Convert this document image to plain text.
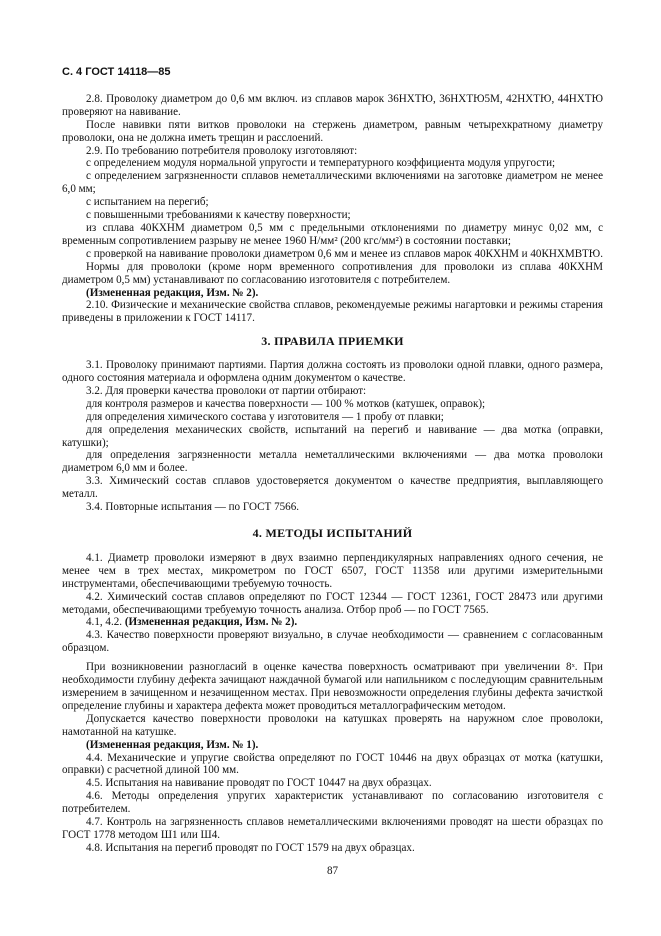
С. 4 ГОСТ 14118—85

2.8. Проволоку диаметром до 0,6 мм включ. из сплавов марок 36НХТЮ, 36НХТЮ5М, 42НХТЮ, 44НХТЮ проверяют на навивание.

После навивки пяти витков проволоки на стержень диаметром, равным четырехкратному диаметру проволоки, она не должна иметь трещин и расслоений.

2.9. По требованию потребителя проволоку изготовляют:

с определением модуля нормальной упругости и температурного коэффициента модуля упругости;

с определением загрязненности сплавов неметаллическими включениями на заготовке диаметром не менее 6,0 мм;

с испытанием на перегиб;

с повышенными требованиями к качеству поверхности;

из сплава 40КХНМ диаметром 0,5 мм с предельными отклонениями по диаметру минус 0,02 мм, с временным сопротивлением разрыву не менее 1960 Н/мм² (200 кгс/мм²) в состоянии поставки;

с проверкой на навивание проволоки диаметром 0,6 мм и менее из сплавов марок 40КХНМ и 40КНХМВТЮ.

Нормы для проволоки (кроме норм временного сопротивления для проволоки из сплава 40КХНМ диаметром 0,5 мм) устанавливают по согласованию изготовителя с потребителем.

(Измененная редакция, Изм. № 2).

2.10. Физические и механические свойства сплавов, рекомендуемые режимы нагартовки и режимы старения приведены в приложении к ГОСТ 14117.

3. ПРАВИЛА ПРИЕМКИ

3.1. Проволоку принимают партиями. Партия должна состоять из проволоки одной плавки, одного размера, одного состояния материала и оформлена одним документом о качестве.

3.2. Для проверки качества проволоки от партии отбирают:

для контроля размеров и качества поверхности — 100 % мотков (катушек, оправок);

для определения химического состава у изготовителя — 1 пробу от плавки;

для определения механических свойств, испытаний на перегиб и навивание — два мотка (оправки, катушки);

для определения загрязненности металла неметаллическими включениями — два мотка проволоки диаметром 6,0 мм и более.

3.3. Химический состав сплавов удостоверяется документом о качестве предприятия, выплавляющего металл.

3.4. Повторные испытания — по ГОСТ 7566.

4. МЕТОДЫ ИСПЫТАНИЙ

4.1. Диаметр проволоки измеряют в двух взаимно перпендикулярных направлениях одного сечения, не менее чем в трех местах, микрометром по ГОСТ 6507, ГОСТ 11358 или другими измерительными инструментами, обеспечивающими требуемую точность.

4.2. Химический состав сплавов определяют по ГОСТ 12344 — ГОСТ 12361, ГОСТ 28473 или другими методами, обеспечивающими требуемую точность анализа. Отбор проб — по ГОСТ 7565.

4.1, 4.2. (Измененная редакция, Изм. № 2).

4.3. Качество поверхности проверяют визуально, в случае необходимости — сравнением с согласованным образцом.

При возникновении разногласий в оценке качества поверхность осматривают при увеличении 8ˣ. При необходимости глубину дефекта зачищают наждачной бумагой или напильником с последующим сравнительным измерением в зачищенном и незачищенном местах. При невозможности определения глубины дефекта зачисткой определение глубины и характера дефекта может проводиться металлографическим методом.

Допускается качество поверхности проволоки на катушках проверять на наружном слое проволоки, намотанной на катушке.

(Измененная редакция, Изм. № 1).

4.4. Механические и упругие свойства определяют по ГОСТ 10446 на двух образцах от мотка (катушки, оправки) с расчетной длиной 100 мм.

4.5. Испытания на навивание проводят по ГОСТ 10447 на двух образцах.

4.6. Методы определения упругих характеристик устанавливают по согласованию изготовителя с потребителем.

4.7. Контроль на загрязненность сплавов неметаллическими включениями проводят на шести образцах по ГОСТ 1778 методом Ш1 или Ш4.

4.8. Испытания на перегиб проводят по ГОСТ 1579 на двух образцах.

87
